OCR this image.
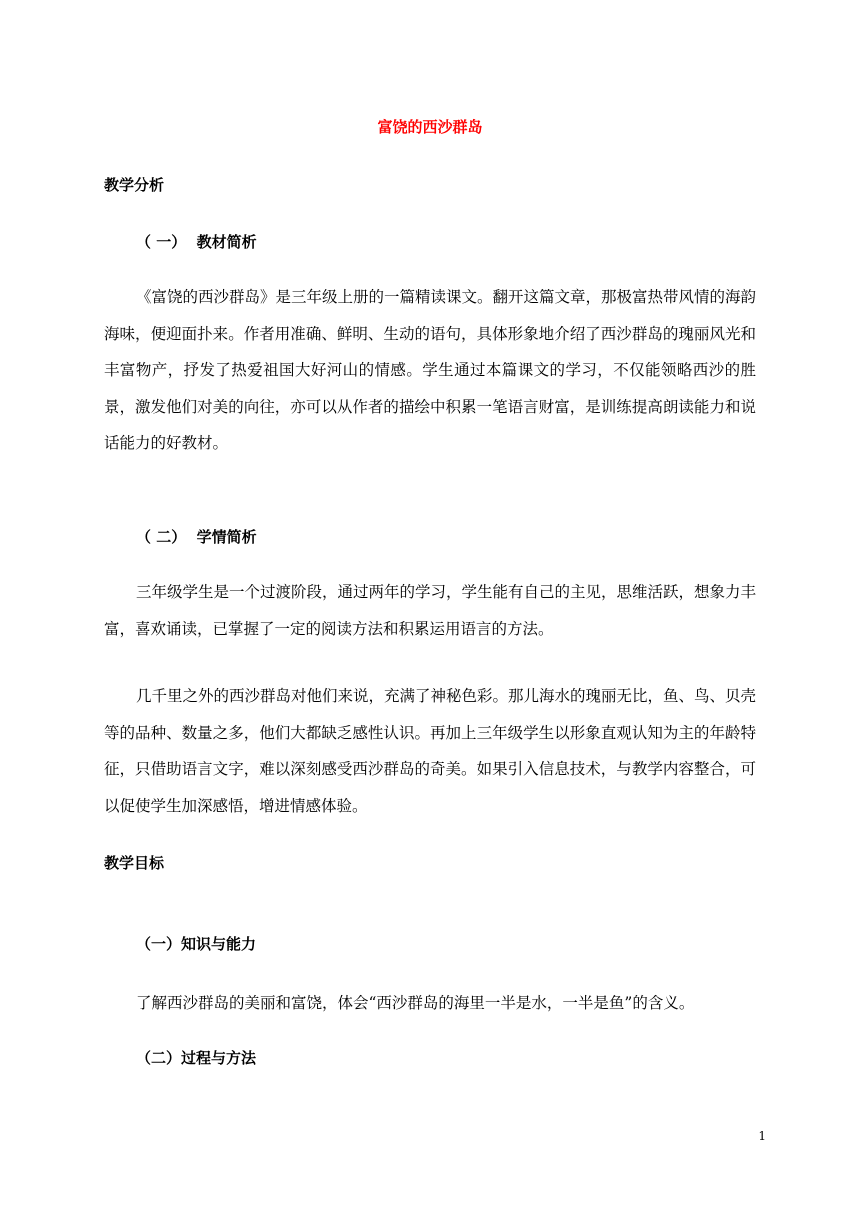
富饶的西沙群岛
教学分析
（ 一）  教材简析

《富饶的西沙群岛》是三年级上册的一篇精读课文。翻开这篇文章，那极富热带风情的海韵海味，便迎面扑来。作者用准确、鲜明、生动的语句，具体形象地介绍了西沙群岛的瑰丽风光和丰富物产，抒发了热爱祖国大好河山的情感。学生通过本篇课文的学习，不仅能领略西沙的胜景，激发他们对美的向往，亦可以从作者的描绘中积累一笔语言财富，是训练提高朗读能力和说话能力的好教材。

（ 二）  学情简析

三年级学生是一个过渡阶段，通过两年的学习，学生能有自己的主见，思维活跃，想象力丰富，喜欢诵读，已掌握了一定的阅读方法和积累运用语言的方法。

几千里之外的西沙群岛对他们来说，充满了神秘色彩。那儿海水的瑰丽无比，鱼、鸟、贝壳等的品种、数量之多，他们大都缺乏感性认识。再加上三年级学生以形象直观认知为主的年龄特征，只借助语言文字，难以深刻感受西沙群岛的奇美。如果引入信息技术，与教学内容整合，可以促使学生加深感悟，增进情感体验。

教学目标
（一）知识与能力

了解西沙群岛的美丽和富饶，体会“西沙群岛的海里一半是水，一半是鱼”的含义。

（二）过程与方法
1
